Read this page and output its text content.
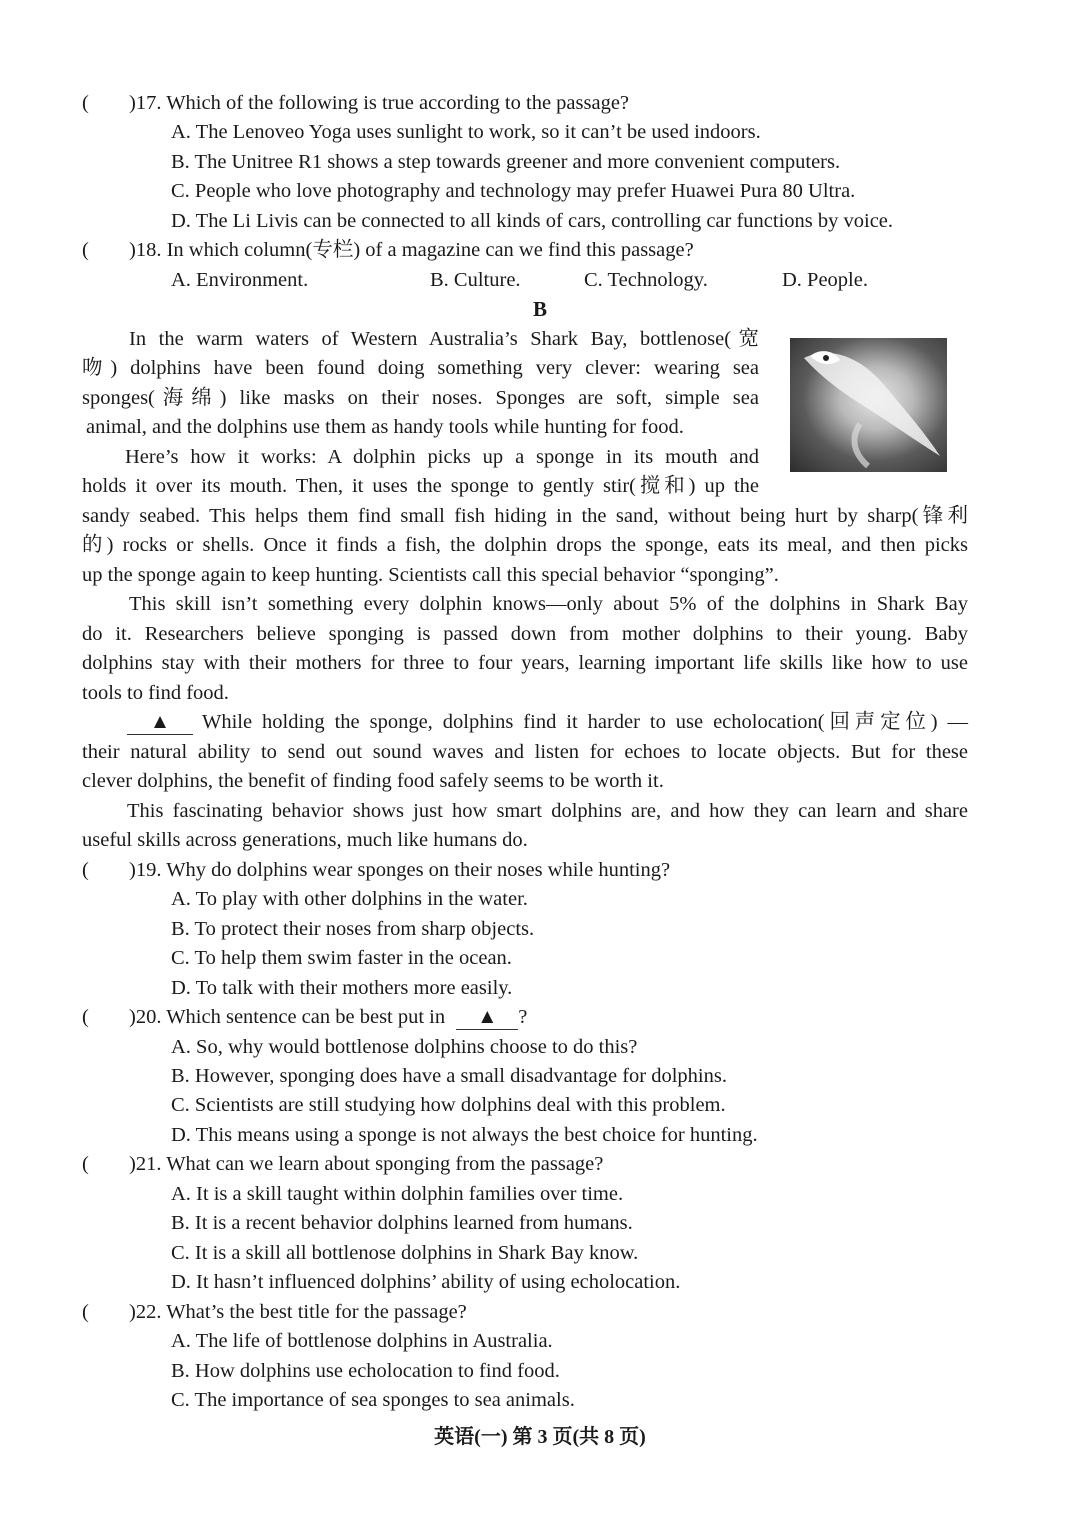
( )17. Which of the following is true according to the passage?
A. The Lenoveo Yoga uses sunlight to work, so it can’t be used indoors.
B. The Unitree R1 shows a step towards greener and more convenient computers.
C. People who love photography and technology may prefer Huawei Pura 80 Ultra.
D. The Li Livis can be connected to all kinds of cars, controlling car functions by voice.
( )18. In which column(专栏) of a magazine can we find this passage?
A. Environment.	B. Culture.	C. Technology.	D. People.
B
In the warm waters of Western Australia’s Shark Bay, bottlenose(宽
吻) dolphins have been found doing something very clever: wearing sea
sponges(海绵) like masks on their noses. Sponges are soft, simple sea
animal, and the dolphins use them as handy tools while hunting for food.
Here’s how it works: A dolphin picks up a sponge in its mouth and
holds it over its mouth. Then, it uses the sponge to gently stir(搅和) up the
sandy seabed. This helps them find small fish hiding in the sand, without being hurt by sharp(锋利
的) rocks or shells. Once it finds a fish, the dolphin drops the sponge, eats its meal, and then picks
up the sponge again to keep hunting. Scientists call this special behavior “sponging”.
This skill isn’t something every dolphin knows—only about 5% of the dolphins in Shark Bay
do it. Researchers believe sponging is passed down from mother dolphins to their young. Baby
dolphins stay with their mothers for three to four years, learning important life skills like how to use
tools to find food.
▲	While holding the sponge, dolphins find it harder to use echolocation(回声定位) —
their natural ability to send out sound waves and listen for echoes to locate objects. But for these
clever dolphins, the benefit of finding food safely seems to be worth it.
This fascinating behavior shows just how smart dolphins are, and how they can learn and share
useful skills across generations, much like humans do.
( )19. Why do dolphins wear sponges on their noses while hunting?
A. To play with other dolphins in the water.
B. To protect their noses from sharp objects.
C. To help them swim faster in the ocean.
D. To talk with their mothers more easily.
( )20. Which sentence can be best put in ▲ ?
A. So, why would bottlenose dolphins choose to do this?
B. However, sponging does have a small disadvantage for dolphins.
C. Scientists are still studying how dolphins deal with this problem.
D. This means using a sponge is not always the best choice for hunting.
( )21. What can we learn about sponging from the passage?
A. It is a skill taught within dolphin families over time.
B. It is a recent behavior dolphins learned from humans.
C. It is a skill all bottlenose dolphins in Shark Bay know.
D. It hasn’t influenced dolphins’ ability of using echolocation.
( )22. What’s the best title for the passage?
A. The life of bottlenose dolphins in Australia.
B. How dolphins use echolocation to find food.
C. The importance of sea sponges to sea animals.
英语(一) 第 3 页(共 8 页)
